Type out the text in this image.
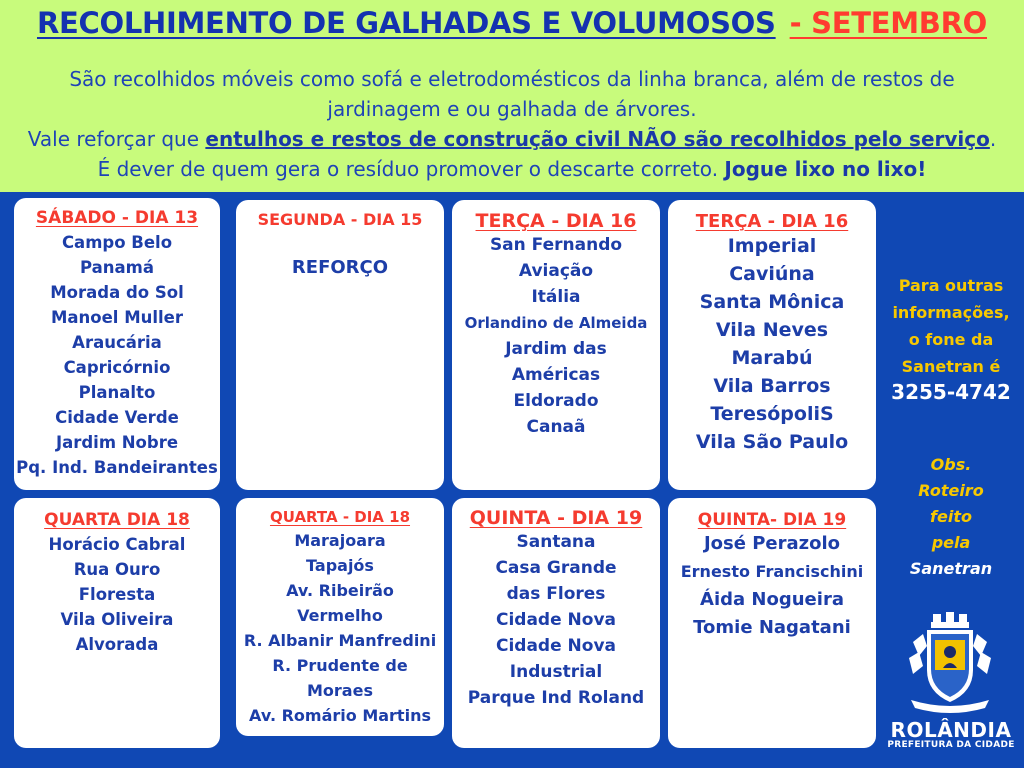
RECOLHIMENTO DE GALHADAS E VOLUMOSOS - SETEMBRO
São recolhidos móveis como sofá e eletrodomésticos da linha branca, além de restos de
jardinagem e ou galhada de árvores.
Vale reforçar que entulhos e restos de construção civil NÃO são recolhidos pelo serviço.
É dever de quem gera o resíduo promover o descarte correto. Jogue lixo no lixo!
SÁBADO - DIA 13
Campo Belo
Panamá
Morada do Sol
Manoel Muller
Araucária
Capricórnio
Planalto
Cidade Verde
Jardim Nobre
Pq. Ind. Bandeirantes
SEGUNDA - DIA 15
REFORÇO
TERÇA - DIA 16
San Fernando
Aviação
Itália
Orlandino de Almeida
Jardim das
Américas
Eldorado
Canaã
TERÇA - DIA 16
Imperial
Caviúna
Santa Mônica
Vila Neves
Marabú
Vila Barros
TeresópoliS
Vila São Paulo
QUARTA DIA 18
Horácio Cabral
Rua Ouro
Floresta
Vila Oliveira
Alvorada
QUARTA - DIA 18
Marajoara
Tapajós
Av. Ribeirão
Vermelho
R. Albanir Manfredini
R. Prudente de
Moraes
Av. Romário Martins
QUINTA - DIA 19
Santana
Casa Grande
das Flores
Cidade Nova
Cidade Nova
Industrial
Parque Ind Roland
QUINTA- DIA 19
José Perazolo
Ernesto Francischini
Áida Nogueira
Tomie Nagatani
Para outras
informações,
o fone da
Sanetran é
3255-4742
Obs.
Roteiro
feito
pela
Sanetran
ROLÂNDIA
PREFEITURA DA CIDADE
